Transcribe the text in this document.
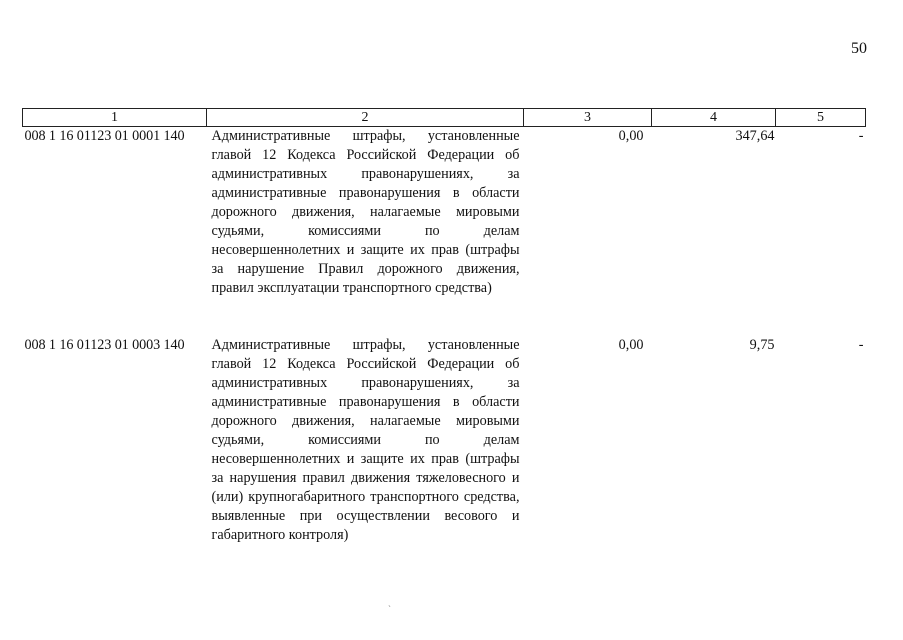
50
1	2	3	4	5
008 1 16 01123 01 0001 140	Административные штрафы, установленные главой 12 Кодекса Российской Федерации об административных правонарушениях, за административные правонарушения в области дорожного движения, налагаемые мировыми судьями, комиссиями по делам несовершеннолетних и защите их прав (штрафы за нарушение Правил дорожного движения, правил эксплуатации транспортного средства)	0,00	347,64	-
008 1 16 01123 01 0003 140	Административные штрафы, установленные главой 12 Кодекса Российской Федерации об административных правонарушениях, за административные правонарушения в области дорожного движения, налагаемые мировыми судьями, комиссиями по делам несовершеннолетних и защите их прав (штрафы за нарушения правил движения тяжеловесного и (или) крупногабаритного транспортного средства, выявленные при осуществлении весового и габаритного контроля)	0,00	9,75	-
`
